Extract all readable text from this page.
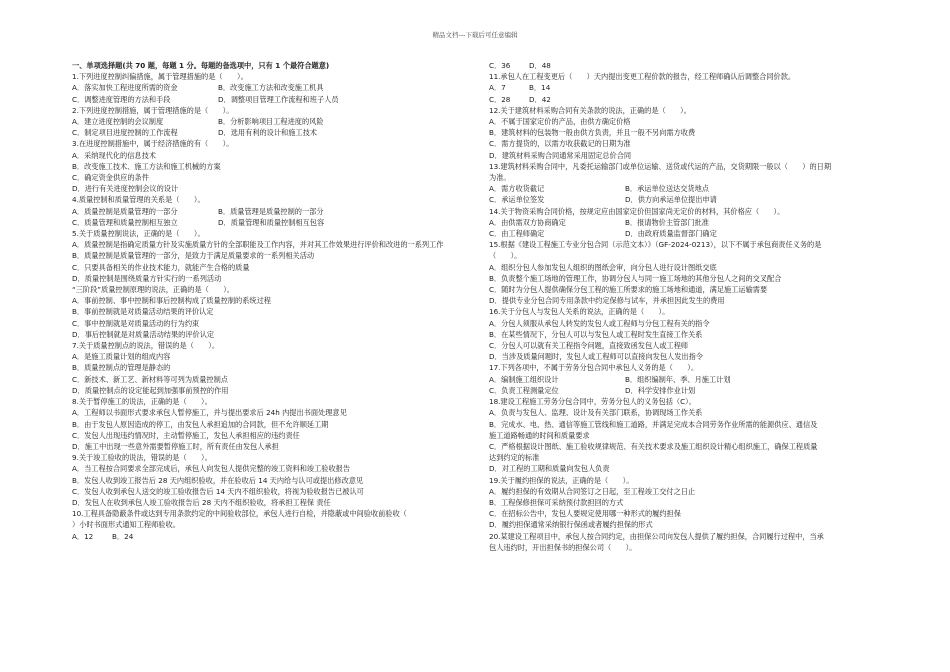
精品文档---下载后可任意编辑
一、单项选择题(共 70 题，每题 1 分。每题的备选项中，只有 1 个最符合题意)
1.下列进度控制纠偏措施，属于管理措施的是（　　）。
A．落实加快工程进度所需的资金	B．改变施工方法和改变施工机具
C．调整进度管理的方法和手段	D．调整项目管理工作流程和班子人员
2.下列进度控制措施，属于管理措施的是（　　）。
A．建立进度控制的会议制度	B．分析影响项目工程进度的风险
C．制定项目进度控制的工作流程	D．选用有利的设计和施工技术
3.在进度控制措施中，属于经济措施的有（　　）。
A．采纳现代化的信息技术
B．改变施工技术、施工方法和施工机械的方案
C．确定资金供应的条件
D．进行有关进度控制会议的设计
4.质量控制和质量管理的关系是（　　）。
A．质量控制是质量管理的一部分	B．质量管理是质量控制的一部分
C．质量管理和质量控制相互独立	D．质量管理和质量控制相互包容
5.关于质量控制说法，正确的是（　　）。
A．质量控制是指确定质量方针及实施质量方针的全部职能及工作内容，并对其工作效果进行评价和改进的一系列工作
B．质量控制是质量管理的一部分，是致力于满足质量要求的一系列相关活动
C．只要具备相关的作业技术能力，就能产生合格的质量
D．质量控制是围绕质量方针实行的一系列活动
“三阶段”质量控制原理的说法，正确的是（　　）。
A．事前控制、事中控制和事后控制构成了质量控制的系统过程
B．事前控制就是对质量活动结果的评价认定
C．事中控制就是对质量活动的行为约束
D．事后控制就是对质量活动结果的评价认定
7.关于质量控制点的说法，错误的是（　　）。
A．是施工质量计划的组成内容
B．质量控制点的管理是静态的
C．新技术、新工艺、新材料等可列为质量控制点
D．质量控制点的设定能起到加强事前预控的作用
8.关于暂停施工的说法，正确的是（　　）。
A．工程师以书面形式要求承包人暂停施工，并与提出要求后 24h 内提出书面处理意见
B．由于发包人原因造成的停工，由发包人承担追加的合同款，但不允许顺延工期
C．发包人出现违约情况时，主动暂停施工，发包人承担相应的违约责任
D．施工中出现一些意外需要暂停施工时，所有责任由发包人承担
9.关于竣工验收的说法，错误的是（　　）。
A．当工程按合同要求全部完成后，承包人向发包人提供完整的竣工资料和竣工验收报告
B．发包人收到竣工报告后 28 天内组织验收，并在验收后 14 天内给与认可或提出修改意见
C．发包人收到承包人送交的竣工验收报告后 14 天内不组织验收，将视为验收报告已被认可
D．发包人在收到承包人竣工验收报告后 28 天内不组织验收，将承担工程保 责任
10.工程具备隐蔽条件或达到专用条款约定的中间验收部位，承包人进行自检，并隐蔽或中间验收前验收（
）小时书面形式通知工程师验收。
A．12	B．24
C．36	D．48
11.承包人在工程变更后（　　）天内提出变更工程价款的报告，经工程师确认后调整合同价款。
A．7	B．14
C．28	D．42
12.关于建筑材料采购合同有关条款的说法，正确的是（　　）。
A．不属于国家定价的产品，由供方确定价格
B．建筑材料的包装物一般由供方负责，并且一般不另向需方收费
C．需方提货的，以需方收获截记的日期为准
D．建筑材料采购合同通常采用固定总价合同
13.建筑材料采购合同中，凡委托运输部门或单位运输、送货或代运的产品，交货期限一般以（　　）的日期
为准。
A．需方收货截记	B．承运单位送达交货地点
C．承运单位签发	D．供方向承运单位提出申请
14.关于物资采购合同价格，按规定应由国家定价但国家尚无定价的材料，其价格应（　　）。
A．由供需双方协商确定	B．报请物价主管部门批准
C．由工程师确定	D．由政府质量监督部门确定
15.根据《建设工程施工专业分包合同（示范文本）》（GF-2024-0213），以下不属于承包商责任义务的是
（　　）。
A．组织分包人参加发包人组织的图纸会审，向分包人进行设计图纸交底
B．负责整个施工场地的管理工作，协调分包人与同一施工场地的其他分包人之间的交叉配合
C．随时为分包人提供确保分包工程的施工所要求的施工场地和通道，满足施工运输需要
D．提供专业分包合同专用条款中约定保修与试车，并承担因此发生的费用
16.关于分包人与发包人关系的说法，正确的是（　　）。
A．分包人须服从承包人转发的发包人或工程师与分包工程有关的指令
B．在某些情况下，分包人可以与发包人或工程时发生直接工作关系
C．分包人可以就有关工程指令问题，直接致函发包人或工程师
D．当涉及质量问题时，发包人或工程师可以直接向发包人发出指令
17.下列各项中，不属于劳务分包合同中承包人义务的是（　　）。
A．编制施工组织设计	B．组织编制年、季、月施工计划
C．负责工程测量定位	D．科学安排作业计划
18.建设工程施工劳务分包合同中，劳务分包人的义务包括（C）。
A．负责与发包人、监理、设计及有关部门联系，协调现场工作关系
B．完成水、电、热、通信等施工管线和施工道路，并满足完成本合同劳务作业所需的能源供应、通信及
施工道路畅通的时间和质量要求
C．严格根据设计图纸、施工验收规律规范、有关技术要求及施工组织设计精心组织施工，确保工程质量
达到约定的标准
D．对工程的工期和质量向发包人负责
19.关于履约担保的说法，正确的是（　　）。
A．履约担保的有效期从合同签订之日起，至工程竣工交付之日止
B．工程保修担保可采纳预付款担回的方式
C．在招标公告中，发包人要规定使用哪一种形式的履约担保
D．履约担保通常采纳银行保函或者履约担保的形式
20.某建设工程项目中，承包人按合同约定，由担保公司向发包人提供了履约担保，合同履行过程中，当承
包人违约时，开出担保书的担保公司（　　）。
